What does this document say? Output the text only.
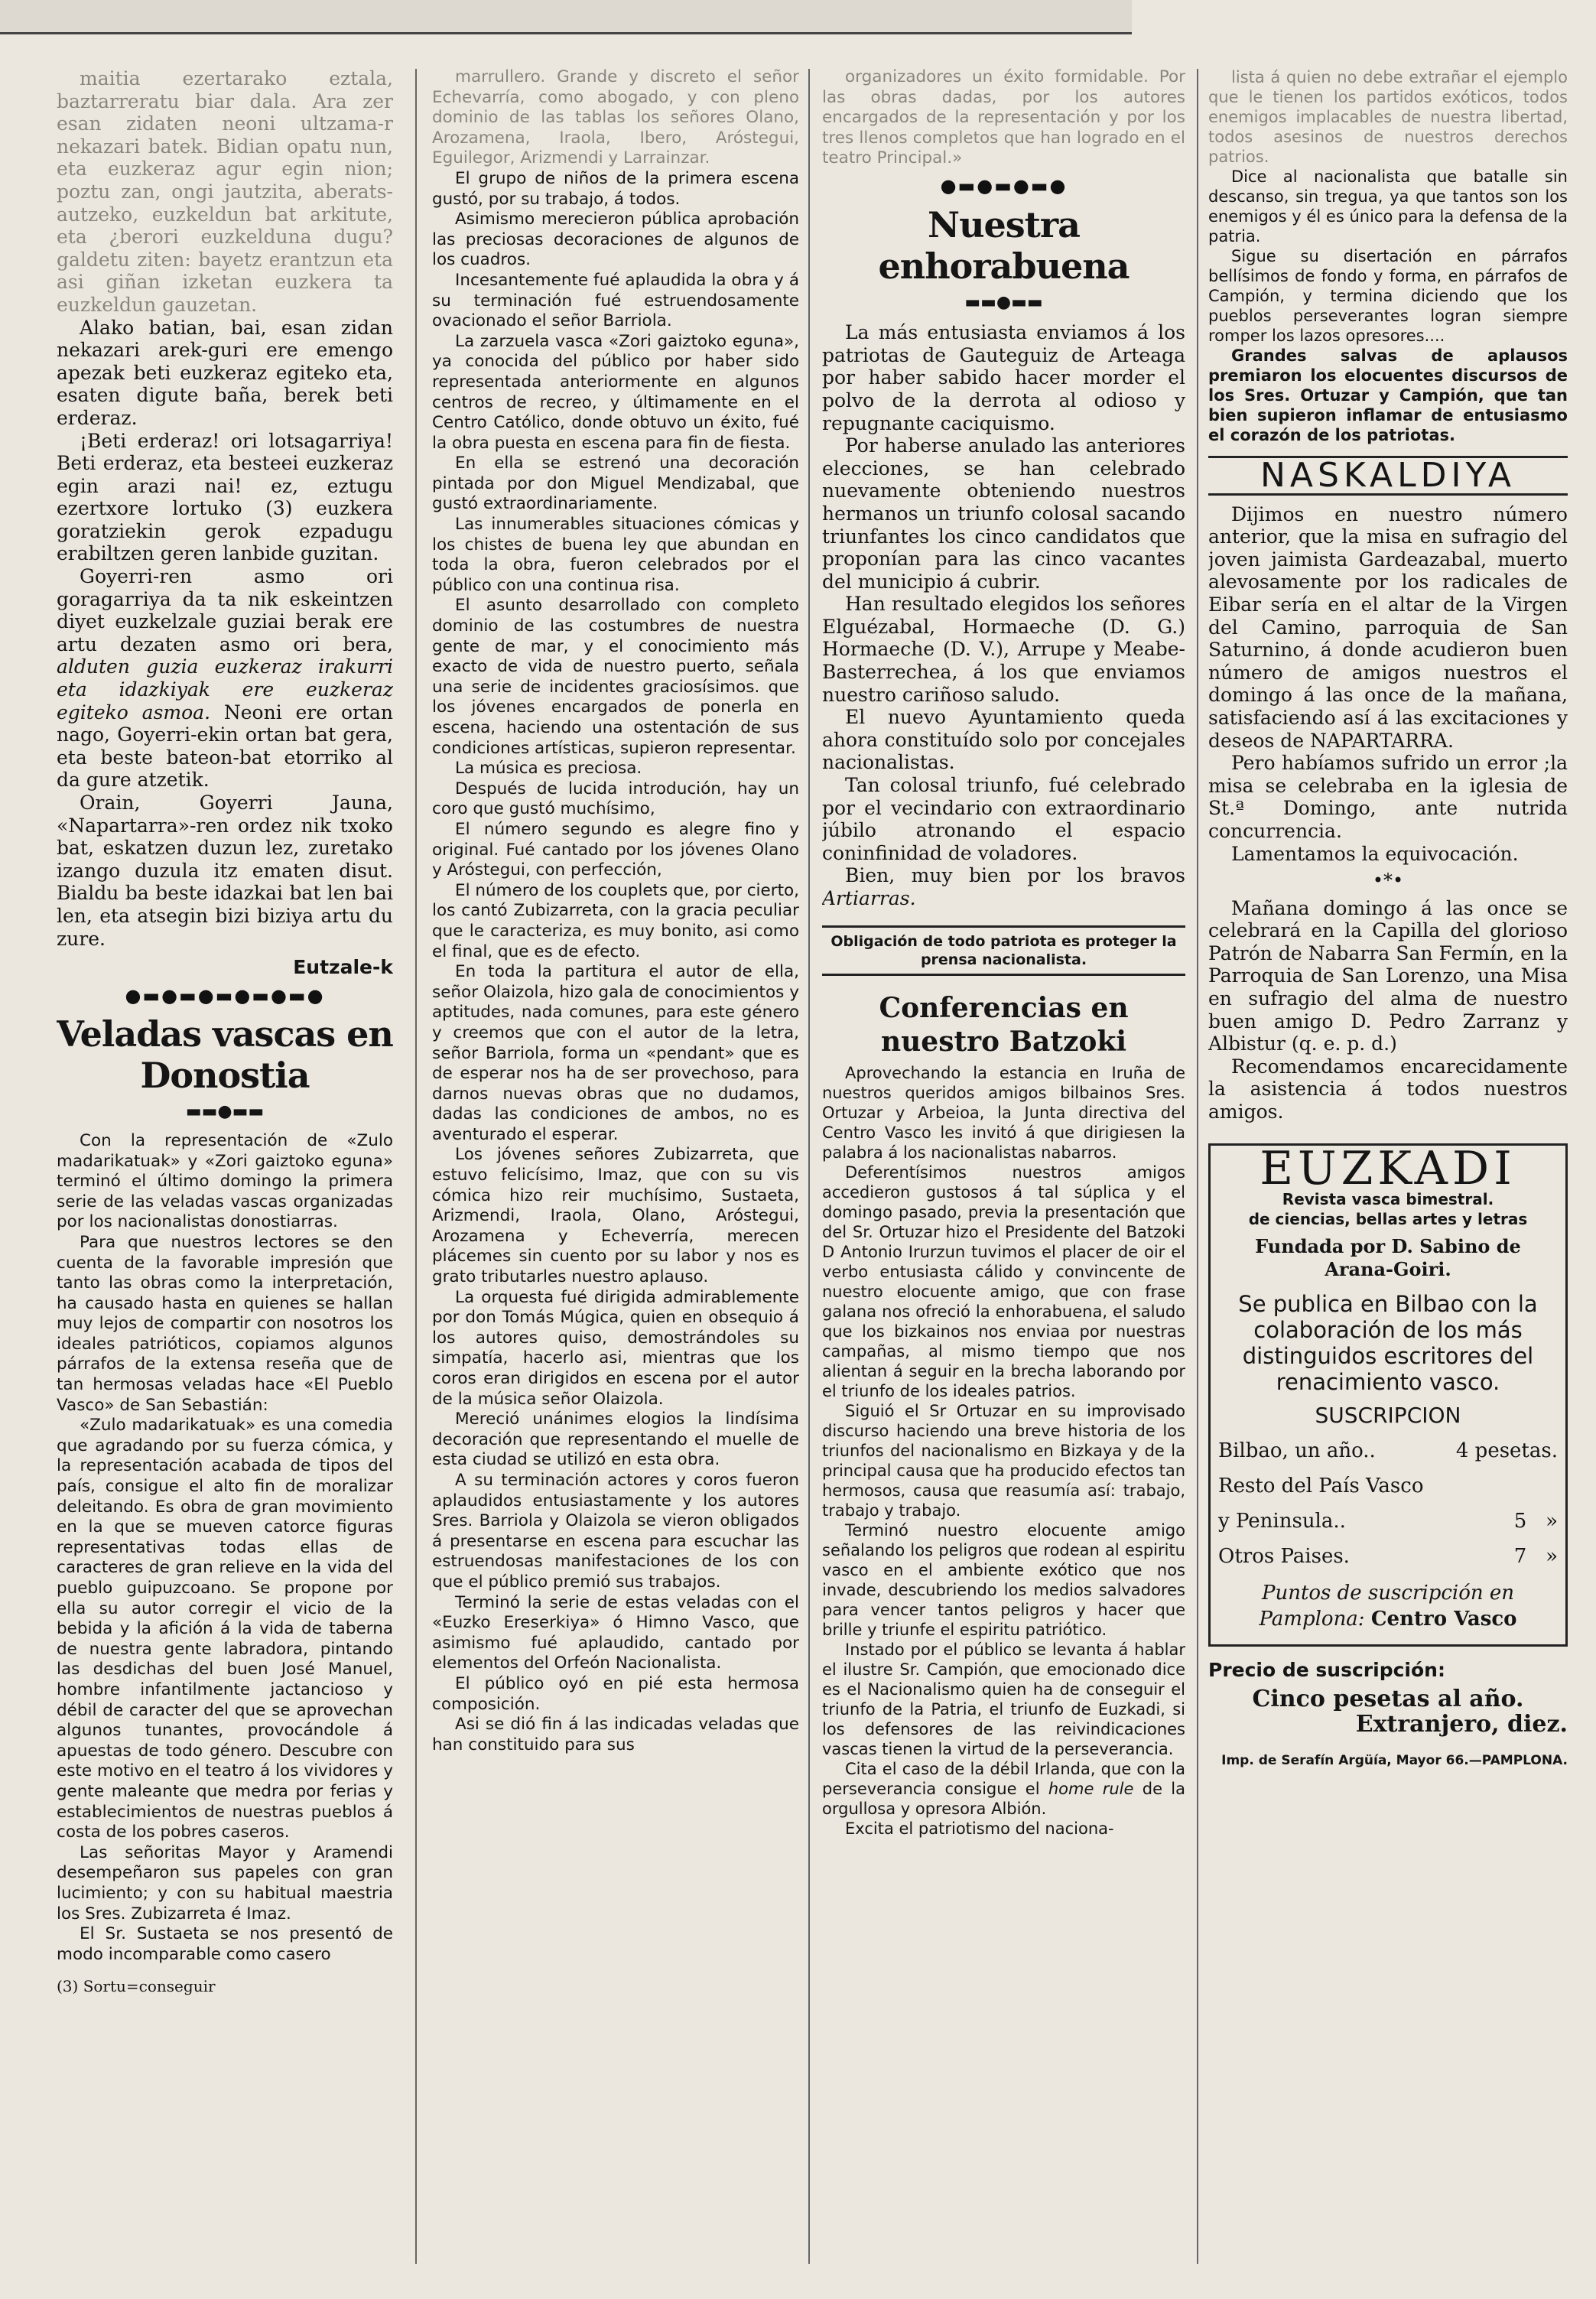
maitia ezertarako eztala, baztarreratu biar dala. Ara zer esan zidaten neoni ultzama-r nekazari batek. Bidian opatu nun, eta euzkeraz agur egin nion; poztu zan, ongi jautzita, aberats-autzeko, euzkeldun bat arkitute, eta ¿berori euzkelduna dugu? galdetu ziten: bayetz erantzun eta asi giñan izketan euzkera ta euzkeldun gauzetan.

Alako batian, bai, esan zidan nekazari arek-guri ere emengo apezak beti euzkeraz egiteko eta, esaten digute baña, berek beti erderaz.

¡Beti erderaz! ori lotsagarriya! Beti erderaz, eta besteei euzkeraz egin arazi nai! ez, eztugu ezertxore lortuko (3) euzkera goratziekin gerok ezpadugu erabiltzen geren lanbide guzitan.

Goyerri-ren asmo ori goragarriya da ta nik eskeintzen diyet euzkelzale guziai berak ere artu dezaten asmo ori bera, alduten guzia euzkeraz irakurri eta idazkiyak ere euzkeraz egiteko asmoa. Neoni ere ortan nago, Goyerri-ekin ortan bat gera, eta beste bateon-bat etorriko al da gure atzetik.

Orain, Goyerri Jauna, «Napartarra»-ren ordez nik txoko bat, eskatzen duzun lez, zuretako izango duzula itz ematen disut. Bialdu ba beste idazkai bat len bai len, eta atsegin bizi biziya artu du zure.

Eutzale-k
●▬●▬●▬●▬●▬●
Veladas vascas en Donostia
▬▬●▬▬

Con la representación de «Zulo madarikatuak» y «Zori gaiztoko eguna» terminó el último domingo la primera serie de las veladas vascas organizadas por los nacionalistas donostiarras.

Para que nuestros lectores se den cuenta de la favorable impresión que tanto las obras como la interpretación, ha causado hasta en quienes se hallan muy lejos de compartir con nosotros los ideales patrióticos, copiamos algunos párrafos de la extensa reseña que de tan hermosas veladas hace «El Pueblo Vasco» de San Sebastián:

«Zulo madarikatuak» es una comedia que agradando por su fuerza cómica, y la representación acabada de tipos del país, consigue el alto fin de moralizar deleitando. Es obra de gran movimiento en la que se mueven catorce figuras representativas todas ellas de caracteres de gran relieve en la vida del pueblo guipuzcoano. Se propone por ella su autor corregir el vicio de la bebida y la afición á la vida de taberna de nuestra gente labradora, pintando las desdichas del buen José Manuel, hombre infantilmente jactancioso y débil de caracter del que se aprovechan algunos tunantes, provocándole á apuestas de todo género. Descubre con este motivo en el teatro á los vividores y gente maleante que medra por ferias y establecimientos de nuestras pueblos á costa de los pobres caseros.

Las señoritas Mayor y Aramendi desempeñaron sus papeles con gran lucimiento; y con su habitual maestria los Sres. Zubizarreta é Imaz.

El Sr. Sustaeta se nos presentó de modo incomparable como casero

(3) Sortu=conseguir

marrullero. Grande y discreto el señor Echevarría, como abogado, y con pleno dominio de las tablas los señores Olano, Arozamena, Iraola, Ibero, Aróstegui, Eguilegor, Arizmendi y Larrainzar.

El grupo de niños de la primera escena gustó, por su trabajo, á todos.

Asimismo merecieron pública aprobación las preciosas decoraciones de algunos de los cuadros.

Incesantemente fué aplaudida la obra y á su terminación fué estruendosamente ovacionado el señor Barriola.

La zarzuela vasca «Zori gaiztoko eguna», ya conocida del público por haber sido representada anteriormente en algunos centros de recreo, y últimamente en el Centro Católico, donde obtuvo un éxito, fué la obra puesta en escena para fin de fiesta.

En ella se estrenó una decoración pintada por don Miguel Mendizabal, que gustó extraordinariamente.

Las innumerables situaciones cómicas y los chistes de buena ley que abundan en toda la obra, fueron celebrados por el público con una continua risa.

El asunto desarrollado con completo dominio de las costumbres de nuestra gente de mar, y el conocimiento más exacto de vida de nuestro puerto, señala una serie de incidentes graciosísimos. que los jóvenes encargados de ponerla en escena, haciendo una ostentación de sus condiciones artísticas, supieron representar.

La música es preciosa.

Después de lucida introdución, hay un coro que gustó muchísimo,

El número segundo es alegre fino y original. Fué cantado por los jóvenes Olano y Aróstegui, con perfección,

El número de los couplets que, por cierto, los cantó Zubizarreta, con la gracia peculiar que le caracteriza, es muy bonito, asi como el final, que es de efecto.

En toda la partitura el autor de ella, señor Olaizola, hizo gala de conocimientos y aptitudes, nada comunes, para este género y creemos que con el autor de la letra, señor Barriola, forma un «pendant» que es de esperar nos ha de ser provechoso, para darnos nuevas obras que no dudamos, dadas las condiciones de ambos, no es aventurado el esperar.

Los jóvenes señores Zubizarreta, que estuvo felicísimo, Imaz, que con su vis cómica hizo reir muchísimo, Sustaeta, Arizmendi, Iraola, Olano, Aróstegui, Arozamena y Echeverría, merecen plácemes sin cuento por su labor y nos es grato tributarles nuestro aplauso.

La orquesta fué dirigida admirablemente por don Tomás Múgica, quien en obsequio á los autores quiso, demostrándoles su simpatía, hacerlo asi, mientras que los coros eran dirigidos en escena por el autor de la música señor Olaizola.

Mereció unánimes elogios la lindísima decoración que representando el muelle de esta ciudad se utilizó en esta obra.

A su terminación actores y coros fueron aplaudidos entusiastamente y los autores Sres. Barriola y Olaizola se vieron obligados á presentarse en escena para escuchar las estruendosas manifestaciones de los con que el público premió sus trabajos.

Terminó la serie de estas veladas con el «Euzko Ereserkiya» ó Himno Vasco, que asimismo fué aplaudido, cantado por elementos del Orfeón Nacionalista.

El público oyó en pié esta hermosa composición.

Asi se dió fin á las indicadas veladas que han constituido para sus

organizadores un éxito formidable. Por las obras dadas, por los autores encargados de la representación y por los tres llenos completos que han logrado en el teatro Principal.»

●▬●▬●▬●
Nuestra enhorabuena
▬▬●▬▬

La más entusiasta enviamos á los patriotas de Gauteguiz de Arteaga por haber sabido hacer morder el polvo de la derrota al odioso y repugnante caciquismo.

Por haberse anulado las anteriores elecciones, se han celebrado nuevamente obteniendo nuestros hermanos un triunfo colosal sacando triunfantes los cinco candidatos que proponían para las cinco vacantes del municipio á cubrir.

Han resultado elegidos los señores Elguézabal, Hormaeche (D. G.) Hormaeche (D. V.), Arrupe y Meabe-Basterrechea, á los que enviamos nuestro cariñoso saludo.

El nuevo Ayuntamiento queda ahora constituído solo por concejales nacionalistas.

Tan colosal triunfo, fué celebrado por el vecindario con extraordinario júbilo atronando el espacio coninfinidad de voladores.

Bien, muy bien por los bravos Artiarras.

Obligación de todo patriota es proteger la prensa nacionalista.
Conferencias en nuestro Batzoki

Aprovechando la estancia en Iruña de nuestros queridos amigos bilbainos Sres. Ortuzar y Arbeioa, la Junta directiva del Centro Vasco les invitó á que dirigiesen la palabra á los nacionalistas nabarros.

Deferentísimos nuestros amigos accedieron gustosos á tal súplica y el domingo pasado, previa la presentación que del Sr. Ortuzar hizo el Presidente del Batzoki D Antonio Irurzun tuvimos el placer de oir el verbo entusiasta cálido y convincente de nuestro elocuente amigo, que con frase galana nos ofreció la enhorabuena, el saludo que los bizkainos nos enviaa por nuestras campañas, al mismo tiempo que nos alientan á seguir en la brecha laborando por el triunfo de los ideales patrios.

Siguió el Sr Ortuzar en su improvisado discurso haciendo una breve historia de los triunfos del nacionalismo en Bizkaya y de la principal causa que ha producido efectos tan hermosos, causa que reasumía así: trabajo, trabajo y trabajo.

Terminó nuestro elocuente amigo señalando los peligros que rodean al espiritu vasco en el ambiente exótico que nos invade, descubriendo los medios salvadores para vencer tantos peligros y hacer que brille y triunfe el espiritu patriótico.

Instado por el público se levanta á hablar el ilustre Sr. Campión, que emocionado dice es el Nacionalismo quien ha de conseguir el triunfo de la Patria, el triunfo de Euzkadi, si los defensores de las reivindicaciones vascas tienen la virtud de la perseverancia.

Cita el caso de la débil Irlanda, que con la perseverancia consigue el home rule de la orgullosa y opresora Albión.

Excita el patriotismo del naciona-

lista á quien no debe extrañar el ejemplo que le tienen los partidos exóticos, todos enemigos implacables de nuestra libertad, todos asesinos de nuestros derechos patrios.

Dice al nacionalista que batalle sin descanso, sin tregua, ya que tantos son los enemigos y él es único para la defensa de la patria.

Sigue su disertación en párrafos bellísimos de fondo y forma, en párrafos de Campión, y termina diciendo que los pueblos perseverantes logran siempre romper los lazos opresores....

Grandes salvas de aplausos premiaron los elocuentes discursos de los Sres. Ortuzar y Campión, que tan bien supieron inflamar de entusiasmo el corazón de los patriotas.

NASKALDIYA

Dijimos en nuestro número anterior, que la misa en sufragio del joven jaimista Gardeazabal, muerto alevosamente por los radicales de Eibar sería en el altar de la Virgen del Camino, parroquia de San Saturnino, á donde acudieron buen número de amigos nuestros el domingo á las once de la mañana, satisfaciendo así á las excitaciones y deseos de NAPARTARRA.

Pero habíamos sufrido un error ;la misa se celebraba en la iglesia de St.ª Domingo, ante nutrida concurrencia.

Lamentamos la equivocación.

•*•

Mañana domingo á las once se celebrará en la Capilla del glorioso Patrón de Nabarra San Fermín, en la Parroquia de San Lorenzo, una Misa en sufragio del alma de nuestro buen amigo D. Pedro Zarranz y Albistur (q. e. p. d.)

Recomendamos encarecidamente la asistencia á todos nuestros amigos.

EUZKADI
Revista vasca bimestral.
de ciencias, bellas artes y letras
Fundada por D. Sabino de Arana-Goiri.
Se publica en Bilbao con la colaboración de los más distinguidos escritores del renacimiento vasco.
SUSCRIPCION
Bilbao, un año..	4 pesetas.
Resto del País Vasco
y Peninsula..	5 »
Otros Paises.	7 »
Puntos de suscripción en Pamplona: Centro Vasco
Precio de suscripción:
Cinco pesetas al año.
Extranjero, diez.
Imp. de Serafín Argüía, Mayor 66.—PAMPLONA.
